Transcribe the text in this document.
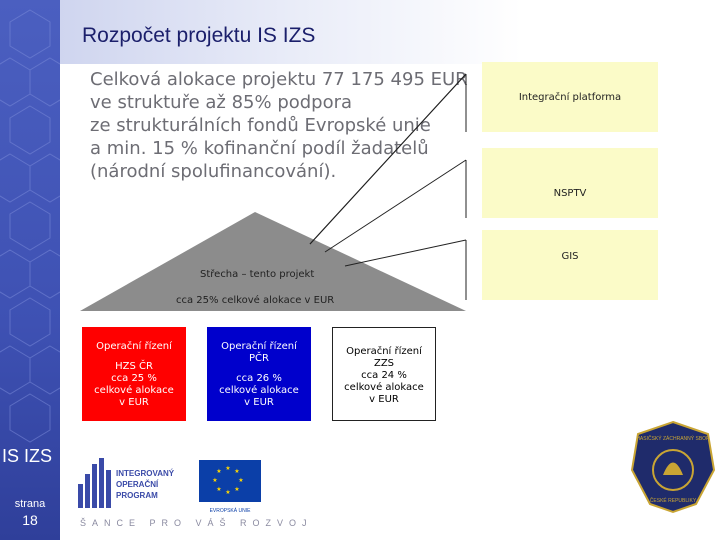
IS IZS
strana
18
Rozpočet projektu IS IZS
Celková alokace projektu 77 175 495 EUR
ve struktuře až 85% podpora
ze strukturálních fondů Evropské unie
a min. 15 % kofinanční podíl žadatelů
(národní spolufinancování).
Integrační platforma
NSPTV
GIS
Střecha – tento projekt
cca 25% celkové alokace v EUR
Operační řízení
HZS ČR
cca 25 %
celkové alokace
v EUR
Operační řízení PČR
cca 26 %
celkové alokace
v EUR
Operační řízení ZZS
cca 24 %
celkové alokace
v EUR
INTEGROVANÝ
OPERAČNÍ
PROGRAM
★ ★
★
★
★
★
★
★
EVROPSKÁ UNIE
ŠANCE PRO VÁŠ ROZVOJ
HASIČSKÝ ZÁCHRANNÝ SBOR
ČESKÉ REPUBLIKY
